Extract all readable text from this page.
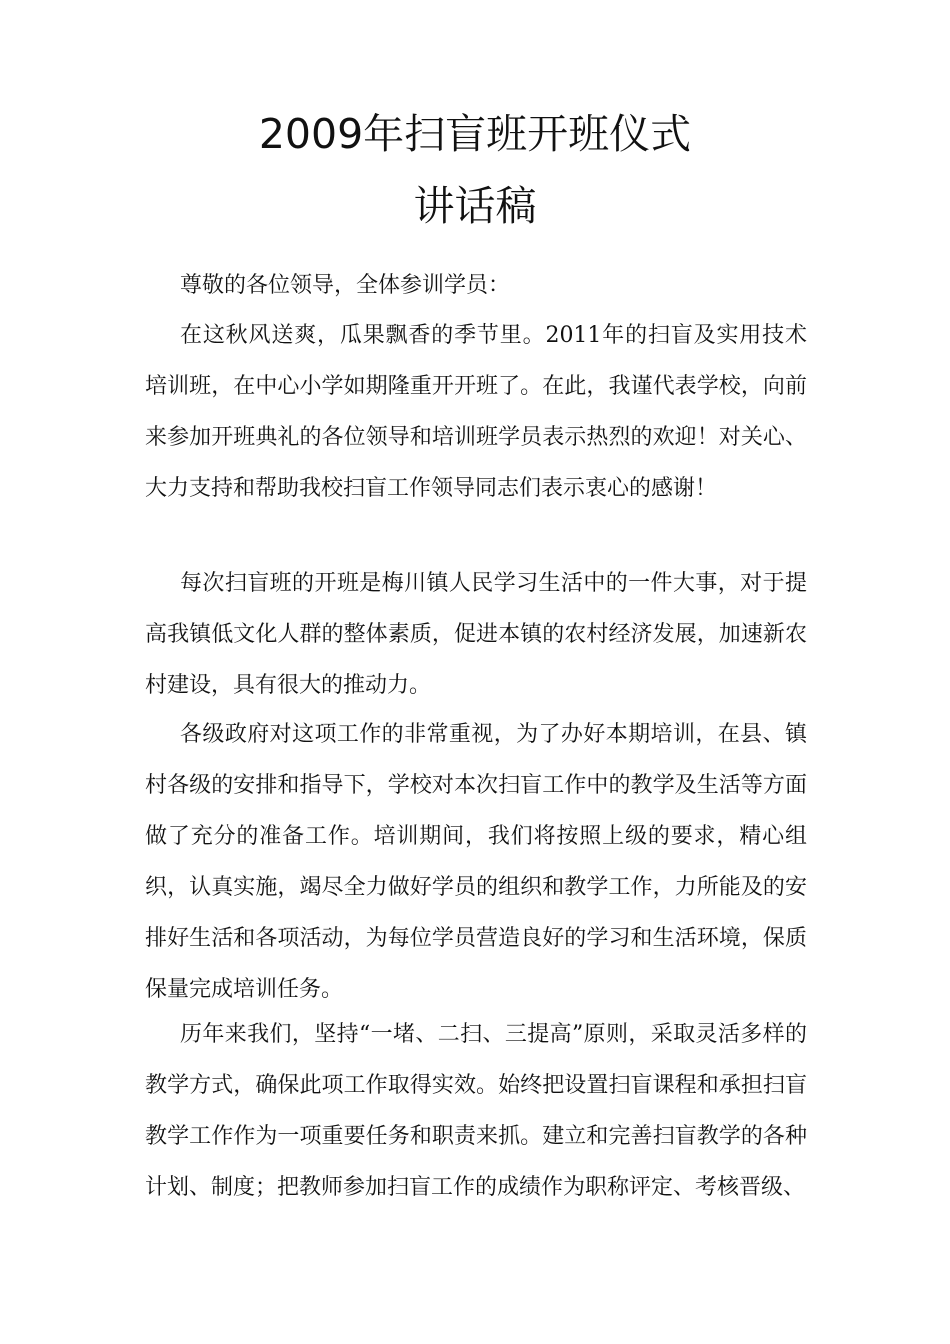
2009年扫盲班开班仪式
讲话稿

尊敬的各位领导，全体参训学员：

在这秋风送爽，瓜果飘香的季节里。2011年的扫盲及实用技术培训班，在中心小学如期隆重开开班了。在此，我谨代表学校，向前来参加开班典礼的各位领导和培训班学员表示热烈的欢迎！对关心、大力支持和帮助我校扫盲工作领导同志们表示衷心的感谢！

每次扫盲班的开班是梅川镇人民学习生活中的一件大事，对于提高我镇低文化人群的整体素质，促进本镇的农村经济发展，加速新农村建设，具有很大的推动力。

各级政府对这项工作的非常重视，为了办好本期培训，在县、镇村各级的安排和指导下，学校对本次扫盲工作中的教学及生活等方面做了充分的准备工作。培训期间，我们将按照上级的要求，精心组织，认真实施，竭尽全力做好学员的组织和教学工作，力所能及的安排好生活和各项活动，为每位学员营造良好的学习和生活环境，保质保量完成培训任务。

历年来我们，坚持“一堵、二扫、三提高”原则，采取灵活多样的教学方式，确保此项工作取得实效。始终把设置扫盲课程和承担扫盲教学工作作为一项重要任务和职责来抓。建立和完善扫盲教学的各种计划、制度；把教师参加扫盲工作的成绩作为职称评定、考核晋级、
